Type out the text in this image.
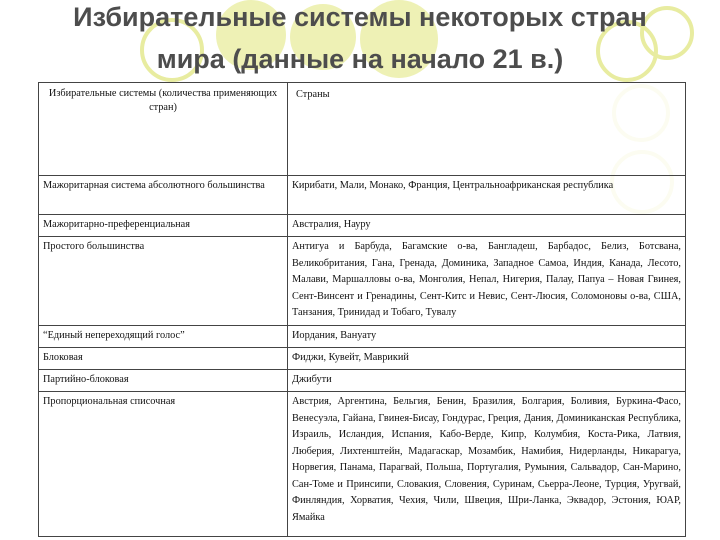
Избирательные системы некоторых стран
мира (данные на начало 21 в.)
Избирательные системы (количества применяющих стран)	Страны
Мажоритарная система абсолютного большинства	Кирибати, Мали, Монако, Франция, Центральноафриканская республика
Мажоритарно-преференциальная	Австралия, Науру
Простого большинства	Антигуа и Барбуда, Багамские о-ва, Бангладеш, Барбадос, Белиз, Ботсвана, Великобритания, Гана, Гренада, Доминика, Западное Самоа, Индия, Канада, Лесото, Малави, Маршалловы о-ва, Монголия, Непал, Нигерия, Палау, Папуа – Новая Гвинея, Сент-Винсент и Гренадины, Сент-Китс и Невис, Сент-Люсия, Соломоновы о-ва, США, Танзания, Тринидад и Тобаго, Тувалу
“Единый непереходящий голос”	Иордания, Вануату
Блоковая	Фиджи, Кувейт, Маврикий
Партийно-блоковая	Джибути
Пропорциональная списочная	Австрия, Аргентина, Бельгия, Бенин, Бразилия, Болгария, Боливия, Буркина-Фасо, Венесуэла, Гайана, Гвинея-Бисау, Гондурас, Греция, Дания, Доминиканская Республика, Израиль, Исландия, Испания, Кабо-Верде, Кипр, Колумбия, Коста-Рика, Латвия, Люберия, Лихтенштейн, Мадагаскар, Мозамбик, Намибия, Нидерланды, Никарагуа, Норвегия, Панама, Парагвай, Польша, Португалия, Румыния, Сальвадор, Сан-Марино, Сан-Томе и Принсипи, Словакия, Словения, Суринам, Сьерра-Леоне, Турция, Уругвай, Финляндия, Хорватия, Чехия, Чили, Швеция, Шри-Ланка, Эквадор, Эстония, ЮАР, Ямайка
